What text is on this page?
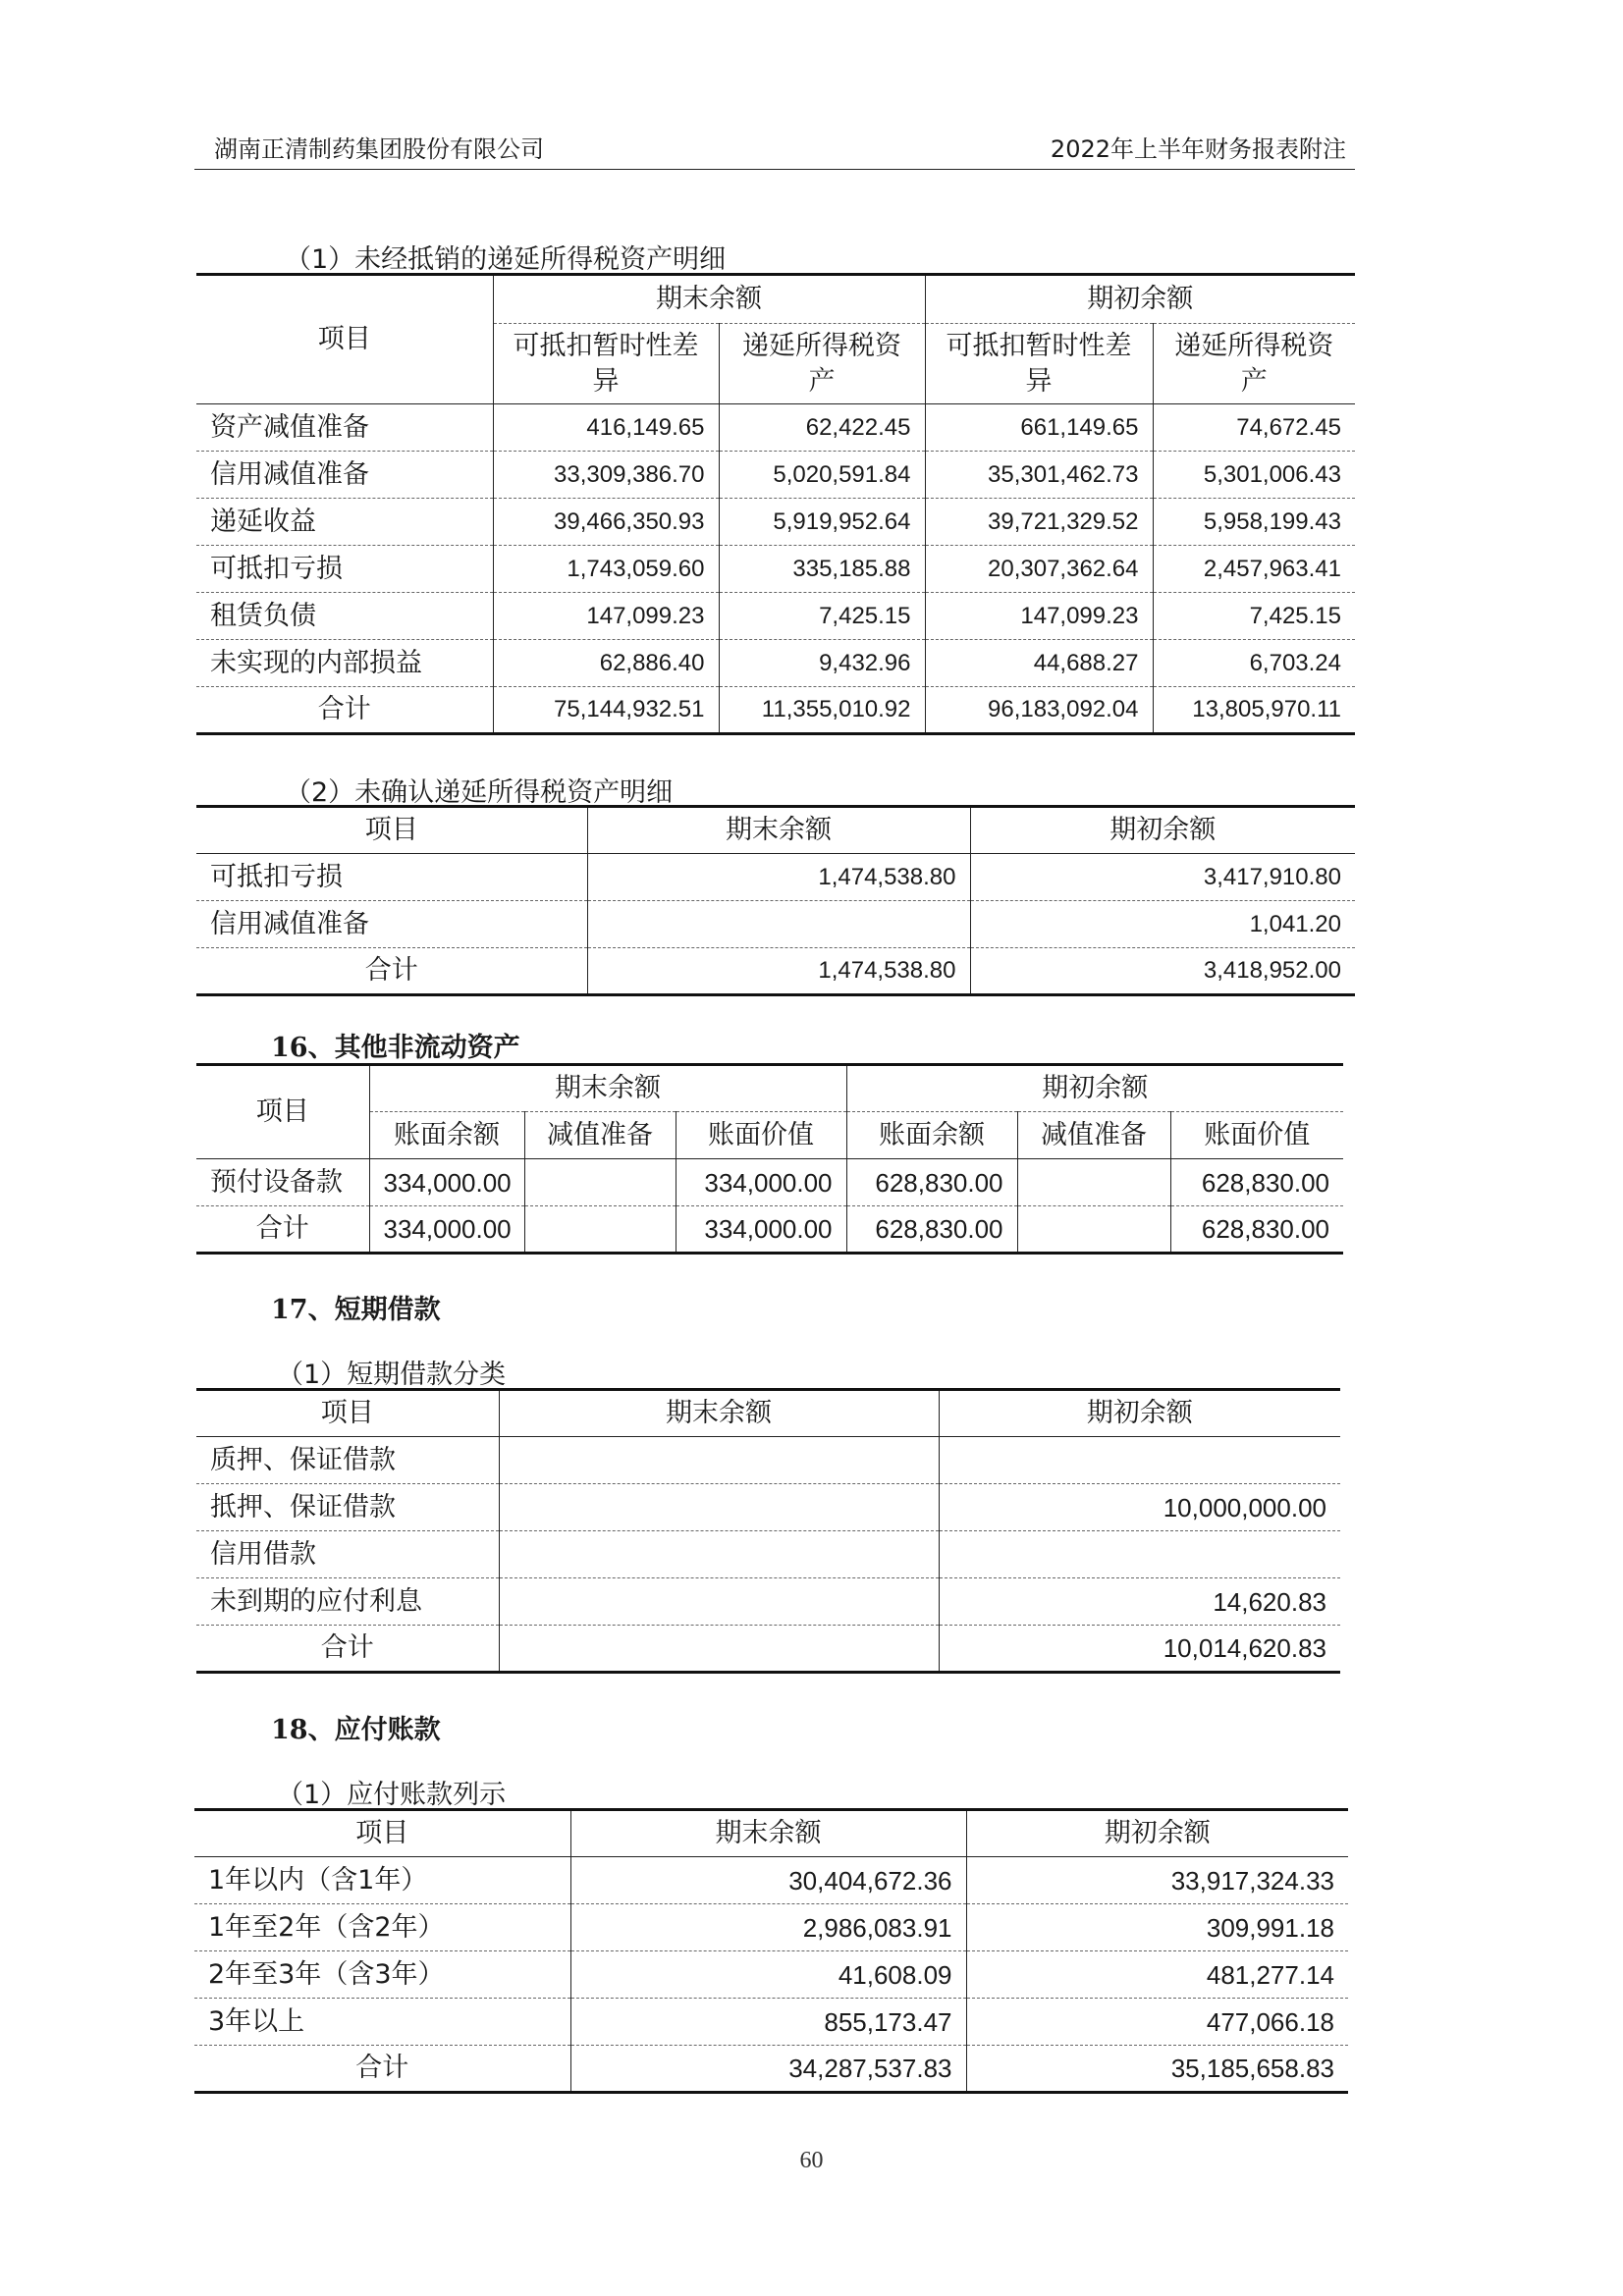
湖南正清制药集团股份有限公司	2022年上半年财务报表附注
（1）未经抵销的递延所得税资产明细
项目	期末余额		期初余额	
	可抵扣暂时性差异	递延所得税资产	可抵扣暂时性差异	递延所得税资产
资产减值准备	416,149.65	62,422.45	661,149.65	74,672.45
信用减值准备	33,309,386.70	5,020,591.84	35,301,462.73	5,301,006.43
递延收益	39,466,350.93	5,919,952.64	39,721,329.52	5,958,199.43
可抵扣亏损	1,743,059.60	335,185.88	20,307,362.64	2,457,963.41
租赁负债	147,099.23	7,425.15	147,099.23	7,425.15
未实现的内部损益	62,886.40	9,432.96	44,688.27	6,703.24
合计	75,144,932.51	11,355,010.92	96,183,092.04	13,805,970.11
（2）未确认递延所得税资产明细
项目	期末余额	期初余额
可抵扣亏损	1,474,538.80	3,417,910.80
信用减值准备		1,041.20
合计	1,474,538.80	3,418,952.00
16、其他非流动资产
项目	期末余额			期初余额		
	账面余额	减值准备	账面价值	账面余额	减值准备	账面价值
预付设备款	334,000.00		334,000.00	628,830.00		628,830.00
合计	334,000.00		334,000.00	628,830.00		628,830.00
17、短期借款
（1）短期借款分类
项目	期末余额	期初余额
质押、保证借款		
抵押、保证借款		10,000,000.00
信用借款		
未到期的应付利息		14,620.83
合计		10,014,620.83
18、应付账款
（1）应付账款列示
项目	期末余额	期初余额
1年以内（含1年）	30,404,672.36	33,917,324.33
1年至2年（含2年）	2,986,083.91	309,991.18
2年至3年（含3年）	41,608.09	481,277.14
3年以上	855,173.47	477,066.18
合计	34,287,537.83	35,185,658.83
60
